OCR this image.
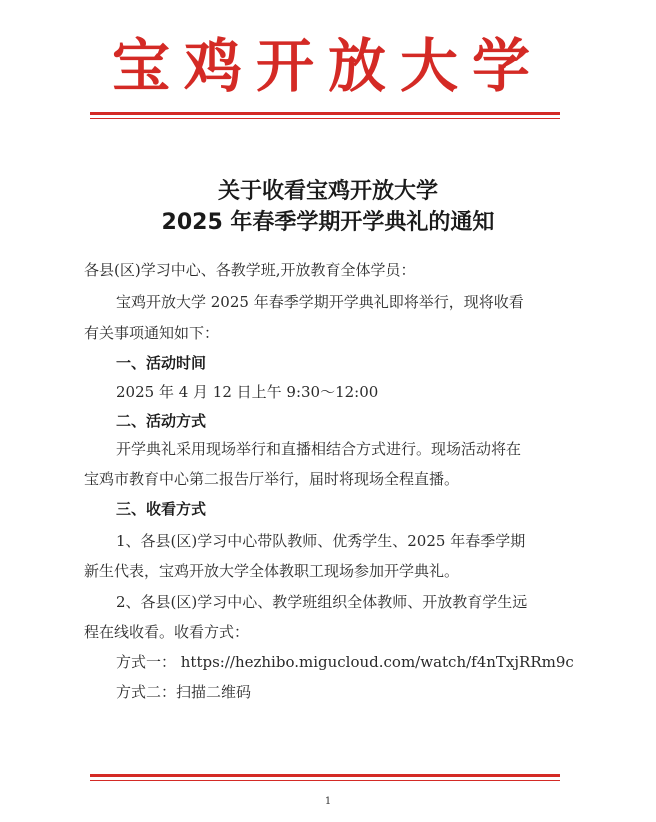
宝鸡开放大学
关于收看宝鸡开放大学
2025 年春季学期开学典礼的通知
各县(区)学习中心、各教学班,开放教育全体学员：
宝鸡开放大学 2025 年春季学期开学典礼即将举行，现将收看
有关事项通知如下：
一、活动时间
2025 年 4 月 12 日上午 9:30～12:00
二、活动方式
开学典礼采用现场举行和直播相结合方式进行。现场活动将在
宝鸡市教育中心第二报告厅举行，届时将现场全程直播。
三、收看方式
1、各县(区)学习中心带队教师、优秀学生、2025 年春季学期
新生代表，宝鸡开放大学全体教职工现场参加开学典礼。
2、各县(区)学习中心、教学班组织全体教师、开放教育学生远
程在线收看。收看方式：
方式一： https://hezhibo.migucloud.com/watch/f4nTxjRRm9c
方式二：扫描二维码
1
